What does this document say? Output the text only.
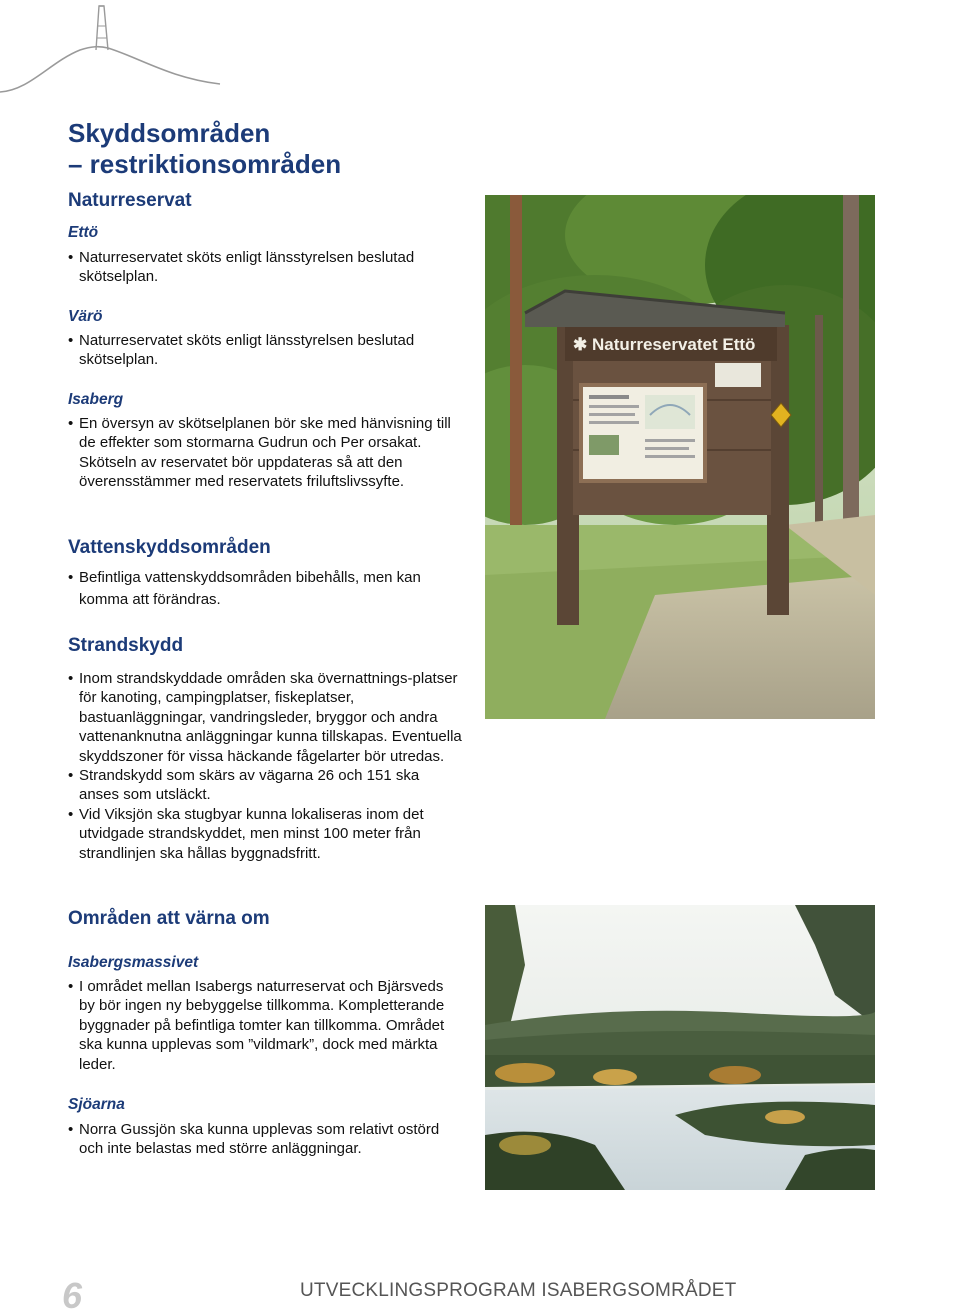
Skyddsområden
– restriktionsområden
Naturreservat
Ettö
• Naturreservatet sköts enligt länsstyrelsen beslutad skötselplan.
Värö
• Naturreservatet sköts enligt länsstyrelsen beslutad skötselplan.
Isaberg
• En översyn av skötselplanen bör ske med hänvisning till de effekter som stormarna Gudrun och Per orsakat. Skötseln av reservatet bör uppdateras så att den överensstämmer med reservatets friluftslivssyfte.
Vattenskyddsområden
• Befintliga vattenskyddsområden bibehålls, men kan komma att förändras.
Strandskydd
• Inom strandskyddade områden ska övernattnings-platser för kanoting, campingplatser, fiskeplatser, bastuanläggningar, vandringsleder, bryggor och andra vattenanknutna anläggningar kunna tillskapas. Eventuella skyddszoner för vissa häckande fågelarter bör utredas.
• Strandskydd som skärs av vägarna 26 och 151 ska anses som utsläckt.
• Vid Viksjön ska stugbyar kunna lokaliseras inom det utvidgade strandskyddet, men minst 100 meter från strandlinjen ska hållas byggnadsfritt.
Områden att värna om
Isabergsmassivet
• I området mellan Isabergs naturreservat och Bjärsveds by bör ingen ny bebyggelse tillkomma. Kompletterande byggnader på befintliga tomter kan tillkomma. Området ska kunna upplevas som ”vildmark”, dock med märkta leder.
Sjöarna
• Norra Gussjön ska kunna upplevas som relativt ostörd och inte belastas med större anläggningar.
✱ Naturreservatet Ettö

6	UTVECKLINGSPROGRAM ISABERGSOMRÅDET
